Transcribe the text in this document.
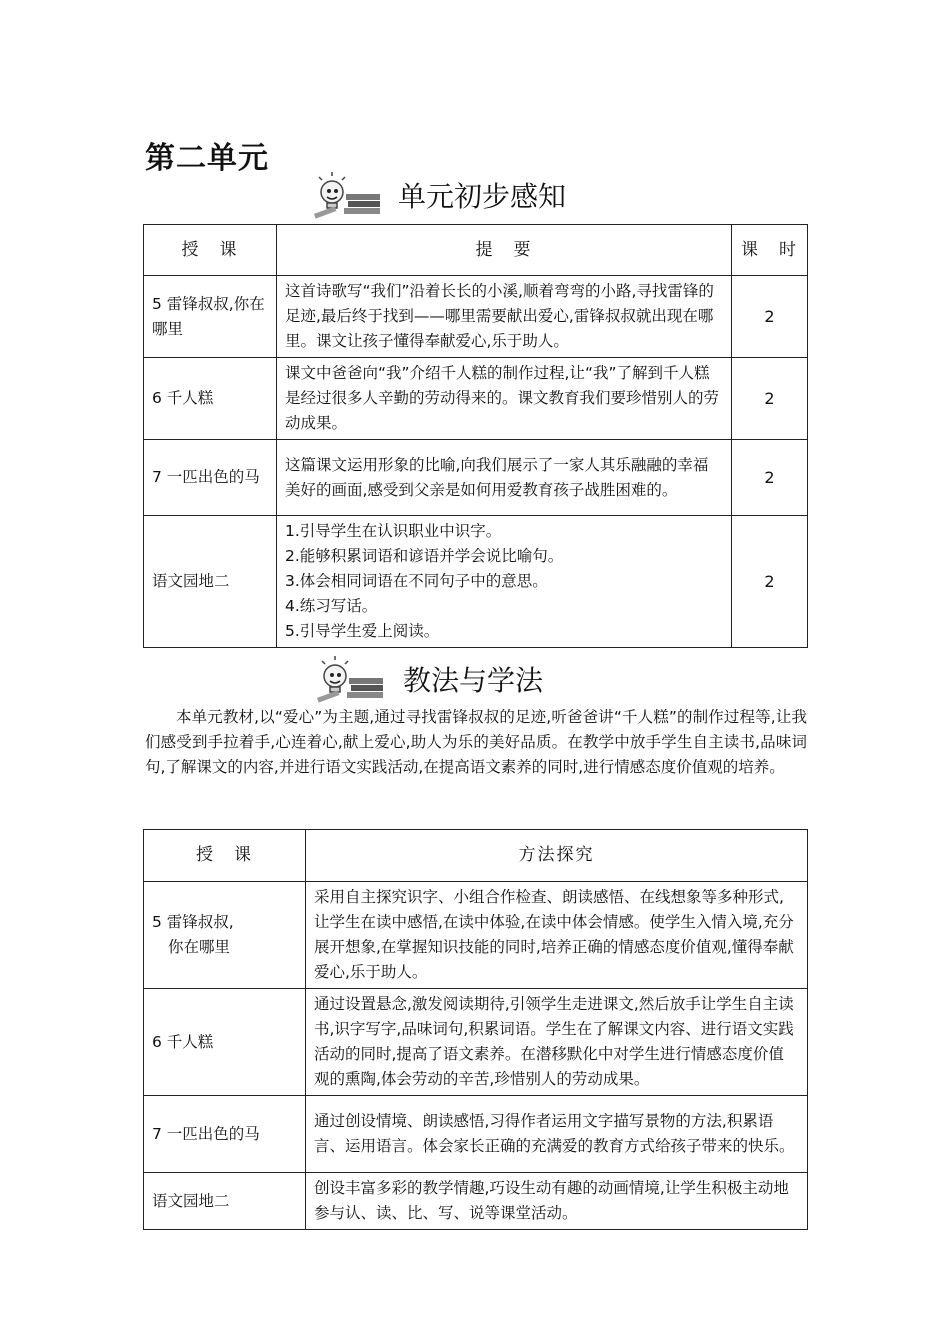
第二单元
单元初步感知
授　课	提　要	课　时
5 雷锋叔叔,你在哪里	这首诗歌写“我们”沿着长长的小溪,顺着弯弯的小路,寻找雷锋的足迹,最后终于找到——哪里需要献出爱心,雷锋叔叔就出现在哪里。课文让孩子懂得奉献爱心,乐于助人。	2
6 千人糕	课文中爸爸向“我”介绍千人糕的制作过程,让“我”了解到千人糕是经过很多人辛勤的劳动得来的。课文教育我们要珍惜别人的劳动成果。	2
7 一匹出色的马	这篇课文运用形象的比喻,向我们展示了一家人其乐融融的幸福美好的画面,感受到父亲是如何用爱教育孩子战胜困难的。	2
语文园地二	1.引导学生在认识职业中识字。
2.能够积累词语和谚语并学会说比喻句。
3.体会相同词语在不同句子中的意思。
4.练习写话。
5.引导学生爱上阅读。	2
教法与学法
本单元教材,以“爱心”为主题,通过寻找雷锋叔叔的足迹,听爸爸讲“千人糕”的制作过程等,让我们感受到手拉着手,心连着心,献上爱心,助人为乐的美好品质。在教学中放手学生自主读书,品味词句,了解课文的内容,并进行语文实践活动,在提高语文素养的同时,进行情感态度价值观的培养。
授　课	方法探究

5 雷锋叔叔,
你在哪里	采用自主探究识字、小组合作检查、朗读感悟、在线想象等多种形式,让学生在读中感悟,在读中体验,在读中体会情感。使学生入情入境,充分展开想象,在掌握知识技能的同时,培养正确的情感态度价值观,懂得奉献爱心,乐于助人。
6 千人糕	通过设置悬念,激发阅读期待,引领学生走进课文,然后放手让学生自主读书,识字写字,品味词句,积累词语。学生在了解课文内容、进行语文实践活动的同时,提高了语文素养。在潜移默化中对学生进行情感态度价值观的熏陶,体会劳动的辛苦,珍惜别人的劳动成果。
7 一匹出色的马	通过创设情境、朗读感悟,习得作者运用文字描写景物的方法,积累语言、运用语言。体会家长正确的充满爱的教育方式给孩子带来的快乐。
语文园地二	创设丰富多彩的教学情趣,巧设生动有趣的动画情境,让学生积极主动地参与认、读、比、写、说等课堂活动。
